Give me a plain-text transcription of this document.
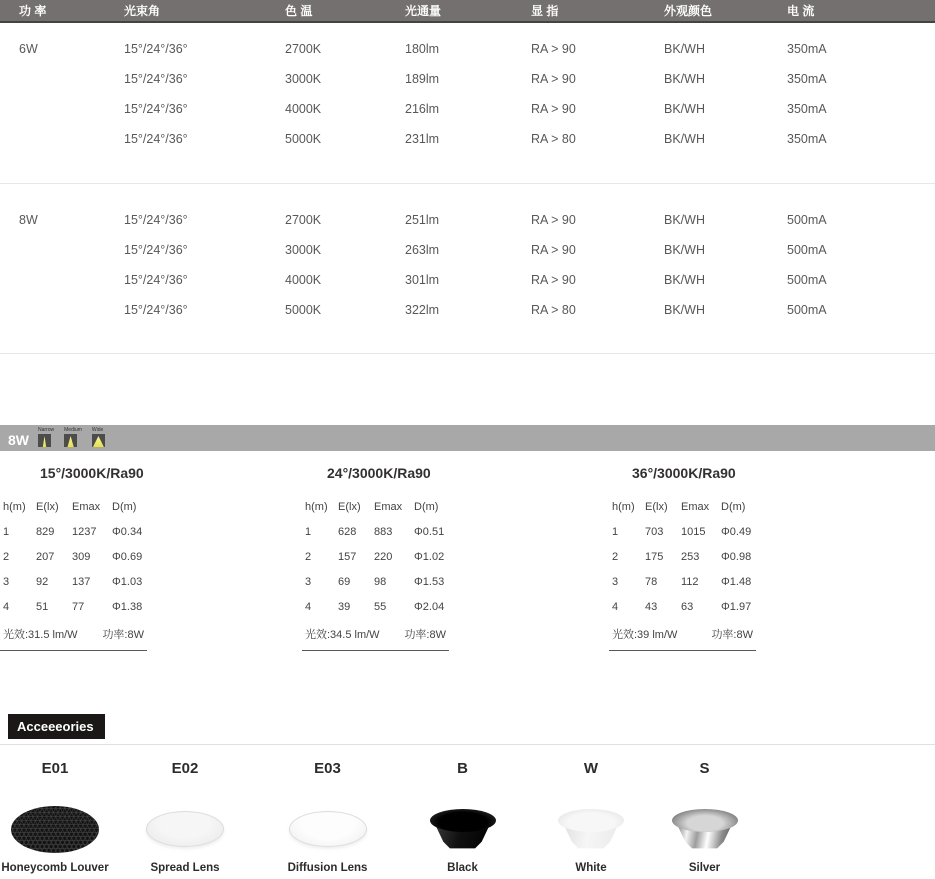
功 率	光束角	色 温	光通量	显 指	外观颜色	电 流
6W	15°/24°/36°	2700K	180lm	RA > 90	BK/WH	350mA
15°/24°/36°	3000K	189lm	RA > 90	BK/WH	350mA
15°/24°/36°	4000K	216lm	RA > 90	BK/WH	350mA
15°/24°/36°	5000K	231lm	RA > 80	BK/WH	350mA
8W	15°/24°/36°	2700K	251lm	RA > 90	BK/WH	500mA
15°/24°/36°	3000K	263lm	RA > 90	BK/WH	500mA
15°/24°/36°	4000K	301lm	RA > 90	BK/WH	500mA
15°/24°/36°	5000K	322lm	RA > 80	BK/WH	500mA
8W
Narrow Medium Wide
15°/3000K/Ra90
h(m) E(lx)	Emax	D(m)
1	829	1237	Φ0.34
2	207	309	Φ0.69
3	92	137	Φ1.03
4	51	77	Φ1.38
光效:31.5 lm/W 功率:8W
24°/3000K/Ra90
h(m) E(lx)	Emax	D(m)
1	628	883	Φ0.51
2	157	220	Φ1.02
3	69	98	Φ1.53
4	39	55	Φ2.04
光效:34.5 lm/W 功率:8W
36°/3000K/Ra90
h(m) E(lx)	Emax	D(m)
1	703	1015	Φ0.49
2	175	253	Φ0.98
3	78	112	Φ1.48
4	43	63	Φ1.97
光效:39 lm/W	功率:8W
Acceeeories
E01
Honeycomb Louver
E02
Spread Lens
E03
Diffusion Lens
B
Black
W
White
S
Silver
